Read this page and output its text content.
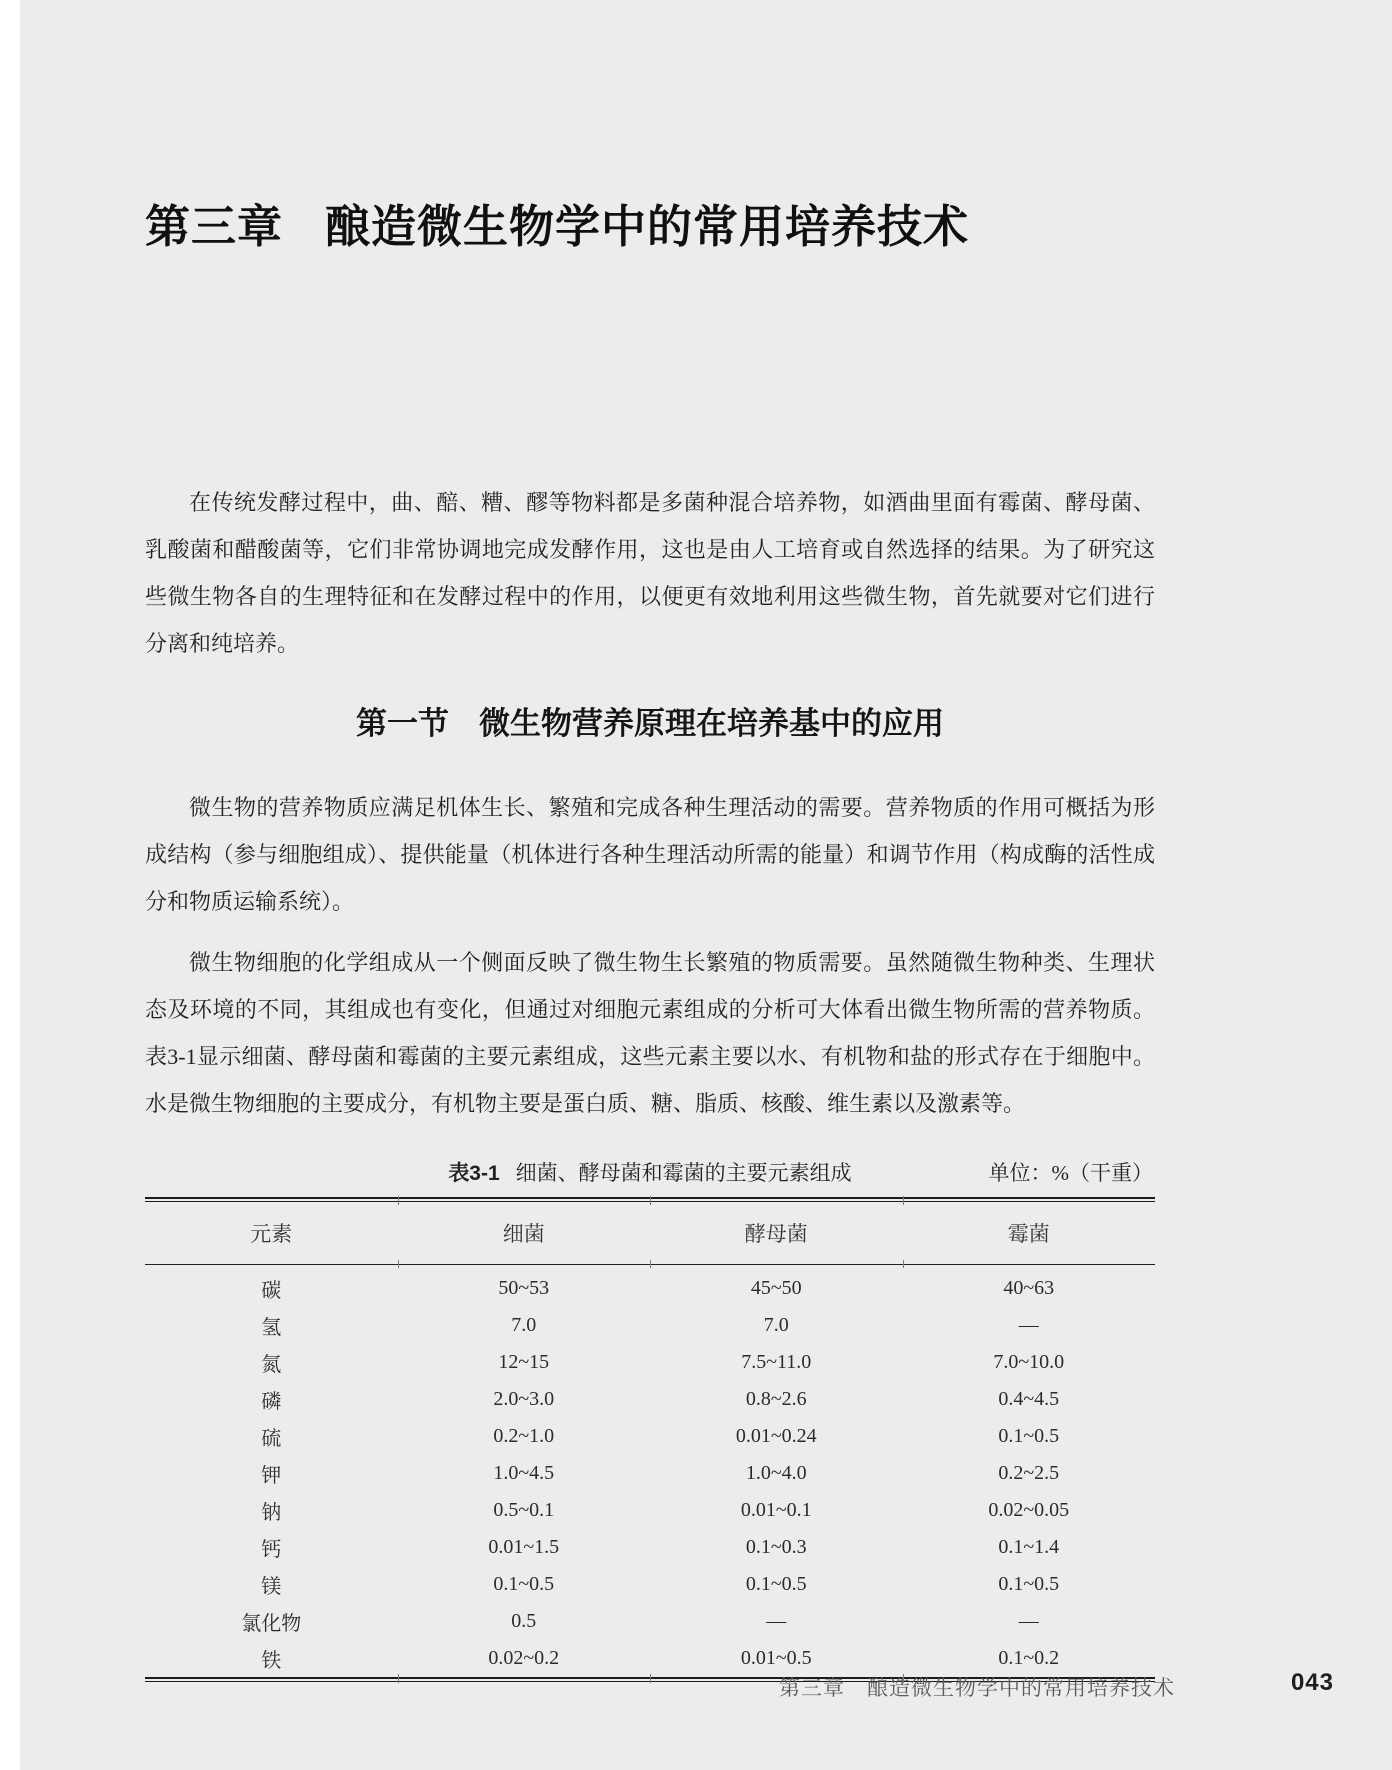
第三章 酿造微生物学中的常用培养技术

在传统发酵过程中，曲、醅、糟、醪等物料都是多菌种混合培养物，如酒曲里面有霉菌、酵母菌、乳酸菌和醋酸菌等，它们非常协调地完成发酵作用，这也是由人工培育或自然选择的结果。为了研究这些微生物各自的生理特征和在发酵过程中的作用，以便更有效地利用这些微生物，首先就要对它们进行分离和纯培养。

第一节 微生物营养原理在培养基中的应用

微生物的营养物质应满足机体生长、繁殖和完成各种生理活动的需要。营养物质的作用可概括为形成结构（参与细胞组成）、提供能量（机体进行各种生理活动所需的能量）和调节作用（构成酶的活性成分和物质运输系统）。

微生物细胞的化学组成从一个侧面反映了微生物生长繁殖的物质需要。虽然随微生物种类、生理状态及环境的不同，其组成也有变化，但通过对细胞元素组成的分析可大体看出微生物所需的营养物质。表3-1显示细菌、酵母菌和霉菌的主要元素组成，这些元素主要以水、有机物和盐的形式存在于细胞中。水是微生物细胞的主要成分，有机物主要是蛋白质、糖、脂质、核酸、维生素以及激素等。

表3-1 细菌、酵母菌和霉菌的主要元素组成	单位：%（干重）
元素	细菌	酵母菌	霉菌
碳	50~53	45~50	40~63
氢	7.0	7.0	—
氮	12~15	7.5~11.0	7.0~10.0
磷	2.0~3.0	0.8~2.6	0.4~4.5
硫	0.2~1.0	0.01~0.24	0.1~0.5
钾	1.0~4.5	1.0~4.0	0.2~2.5
钠	0.5~0.1	0.01~0.1	0.02~0.05
钙	0.01~1.5	0.1~0.3	0.1~1.4
镁	0.1~0.5	0.1~0.5	0.1~0.5
氯化物	0.5	—	—
铁	0.02~0.2	0.01~0.5	0.1~0.2
第三章　酿造微生物学中的常用培养技术	043
